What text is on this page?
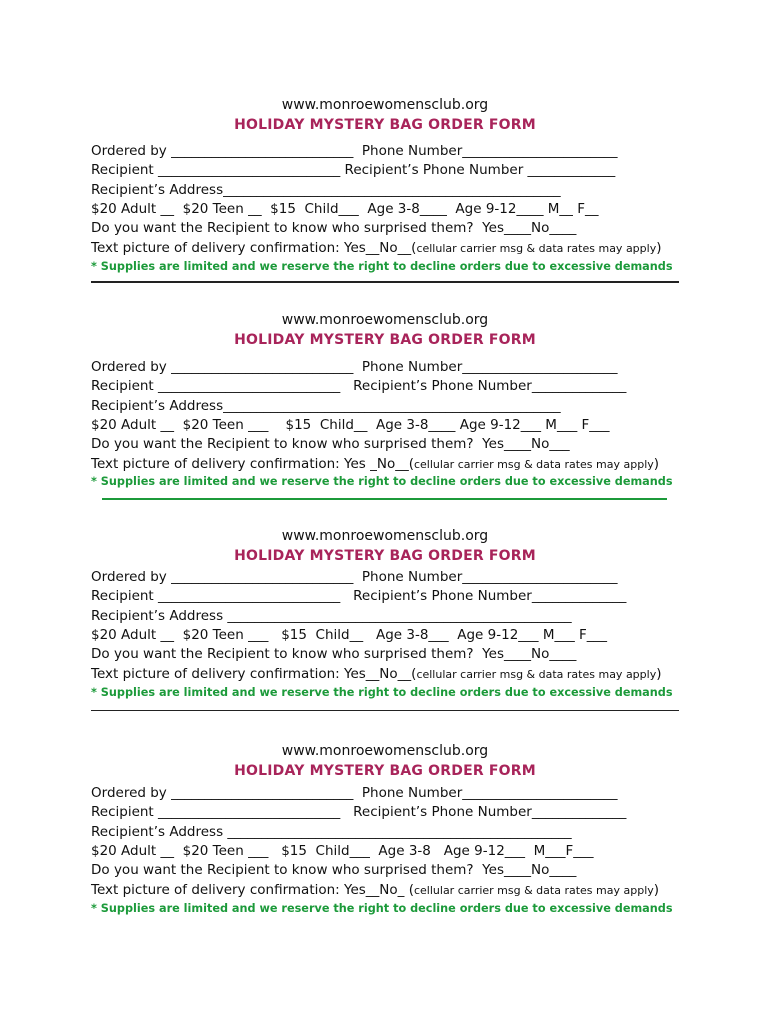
www.monroewomensclub.org
HOLIDAY MYSTERY BAG ORDER FORM
Ordered by ___________________________  Phone Number_______________________
Recipient ___________________________ Recipient’s Phone Number _____________
Recipient’s Address__________________________________________________
$20 Adult __  $20 Teen __  $15  Child___  Age 3-8____  Age 9-12____ M__ F__
Do you want the Recipient to know who surprised them?  Yes____No____
Text picture of delivery confirmation: Yes__No__(cellular carrier msg & data rates may apply)
* Supplies are limited and we reserve the right to decline orders due to excessive demands
www.monroewomensclub.org
HOLIDAY MYSTERY BAG ORDER FORM
Ordered by ___________________________  Phone Number_______________________
Recipient ___________________________   Recipient’s Phone Number______________
Recipient’s Address__________________________________________________
$20 Adult __  $20 Teen ___    $15  Child__  Age 3-8____ Age 9-12___ M___ F___
Do you want the Recipient to know who surprised them?  Yes____No___
Text picture of delivery confirmation: Yes _No__(cellular carrier msg & data rates may apply)
* Supplies are limited and we reserve the right to decline orders due to excessive demands
www.monroewomensclub.org
HOLIDAY MYSTERY BAG ORDER FORM
Ordered by ___________________________  Phone Number_______________________
Recipient ___________________________   Recipient’s Phone Number______________
Recipient’s Address ___________________________________________________
$20 Adult __  $20 Teen ___   $15  Child__   Age 3-8___  Age 9-12___ M___ F___
Do you want the Recipient to know who surprised them?  Yes____No____
Text picture of delivery confirmation: Yes__No__(cellular carrier msg & data rates may apply)
* Supplies are limited and we reserve the right to decline orders due to excessive demands
www.monroewomensclub.org
HOLIDAY MYSTERY BAG ORDER FORM
Ordered by ___________________________  Phone Number_______________________
Recipient ___________________________   Recipient’s Phone Number______________
Recipient’s Address ___________________________________________________
$20 Adult __  $20 Teen ___   $15  Child___  Age 3-8   Age 9-12___  M___F___
Do you want the Recipient to know who surprised them?  Yes____No____
Text picture of delivery confirmation: Yes__No_ (cellular carrier msg & data rates may apply)
* Supplies are limited and we reserve the right to decline orders due to excessive demands
